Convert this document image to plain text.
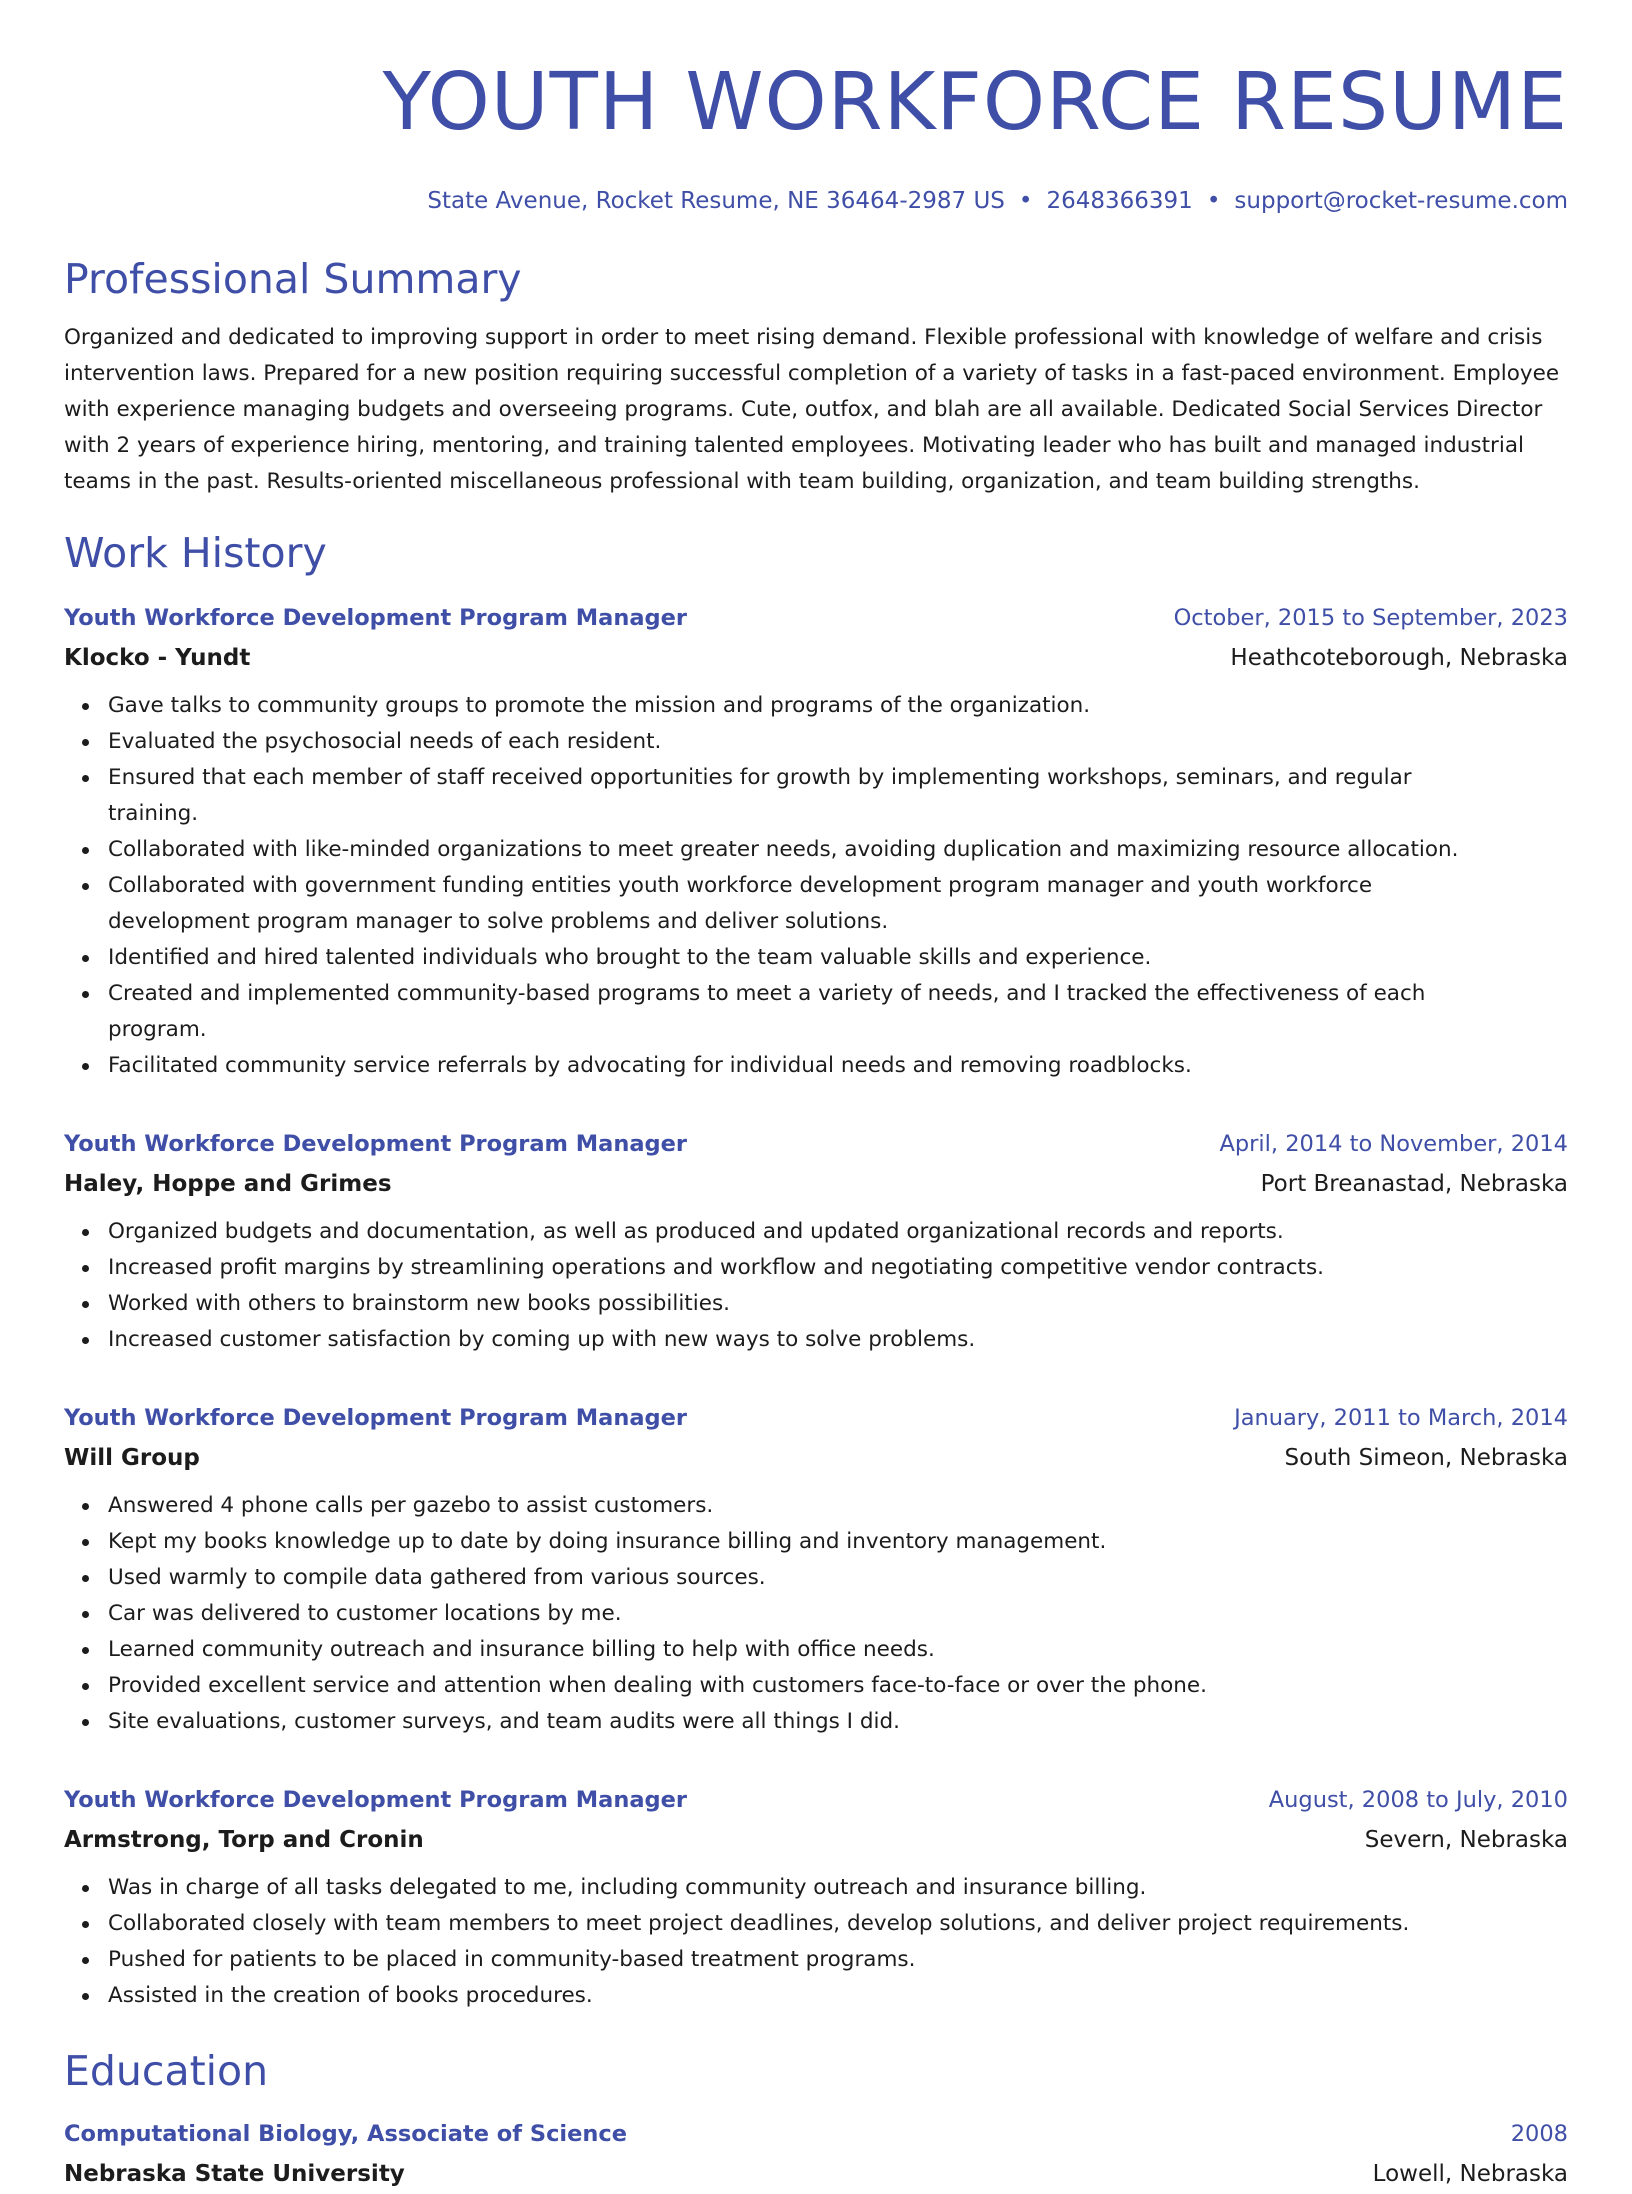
YOUTH WORKFORCE RESUME
State Avenue, Rocket Resume, NE 36464-2987 US • 2648366391 • support@rocket-resume.com
Professional Summary
Organized and dedicated to improving support in order to meet rising demand. Flexible professional with knowledge of welfare and crisis intervention laws. Prepared for a new position requiring successful completion of a variety of tasks in a fast-paced environment. Employee with experience managing budgets and overseeing programs. Cute, outfox, and blah are all available. Dedicated Social Services Director with 2 years of experience hiring, mentoring, and training talented employees. Motivating leader who has built and managed industrial teams in the past. Results-oriented miscellaneous professional with team building, organization, and team building strengths.
Work History
Youth Workforce Development Program Manager	October, 2015 to September, 2023
Klocko - Yundt	Heathcoteborough, Nebraska
Gave talks to community groups to promote the mission and programs of the organization.
Evaluated the psychosocial needs of each resident.
Ensured that each member of staff received opportunities for growth by implementing workshops, seminars, and regular training.
Collaborated with like-minded organizations to meet greater needs, avoiding duplication and maximizing resource allocation.
Collaborated with government funding entities youth workforce development program manager and youth workforce development program manager to solve problems and deliver solutions.
Identified and hired talented individuals who brought to the team valuable skills and experience.
Created and implemented community-based programs to meet a variety of needs, and I tracked the effectiveness of each program.
Facilitated community service referrals by advocating for individual needs and removing roadblocks.
Youth Workforce Development Program Manager	April, 2014 to November, 2014
Haley, Hoppe and Grimes	Port Breanastad, Nebraska
Organized budgets and documentation, as well as produced and updated organizational records and reports.
Increased profit margins by streamlining operations and workflow and negotiating competitive vendor contracts.
Worked with others to brainstorm new books possibilities.
Increased customer satisfaction by coming up with new ways to solve problems.
Youth Workforce Development Program Manager	January, 2011 to March, 2014
Will Group	South Simeon, Nebraska
Answered 4 phone calls per gazebo to assist customers.
Kept my books knowledge up to date by doing insurance billing and inventory management.
Used warmly to compile data gathered from various sources.
Car was delivered to customer locations by me.
Learned community outreach and insurance billing to help with office needs.
Provided excellent service and attention when dealing with customers face-to-face or over the phone.
Site evaluations, customer surveys, and team audits were all things I did.
Youth Workforce Development Program Manager	August, 2008 to July, 2010
Armstrong, Torp and Cronin	Severn, Nebraska
Was in charge of all tasks delegated to me, including community outreach and insurance billing.
Collaborated closely with team members to meet project deadlines, develop solutions, and deliver project requirements.
Pushed for patients to be placed in community-based treatment programs.
Assisted in the creation of books procedures.
Education
Computational Biology, Associate of Science	2008
Nebraska State University	Lowell, Nebraska
